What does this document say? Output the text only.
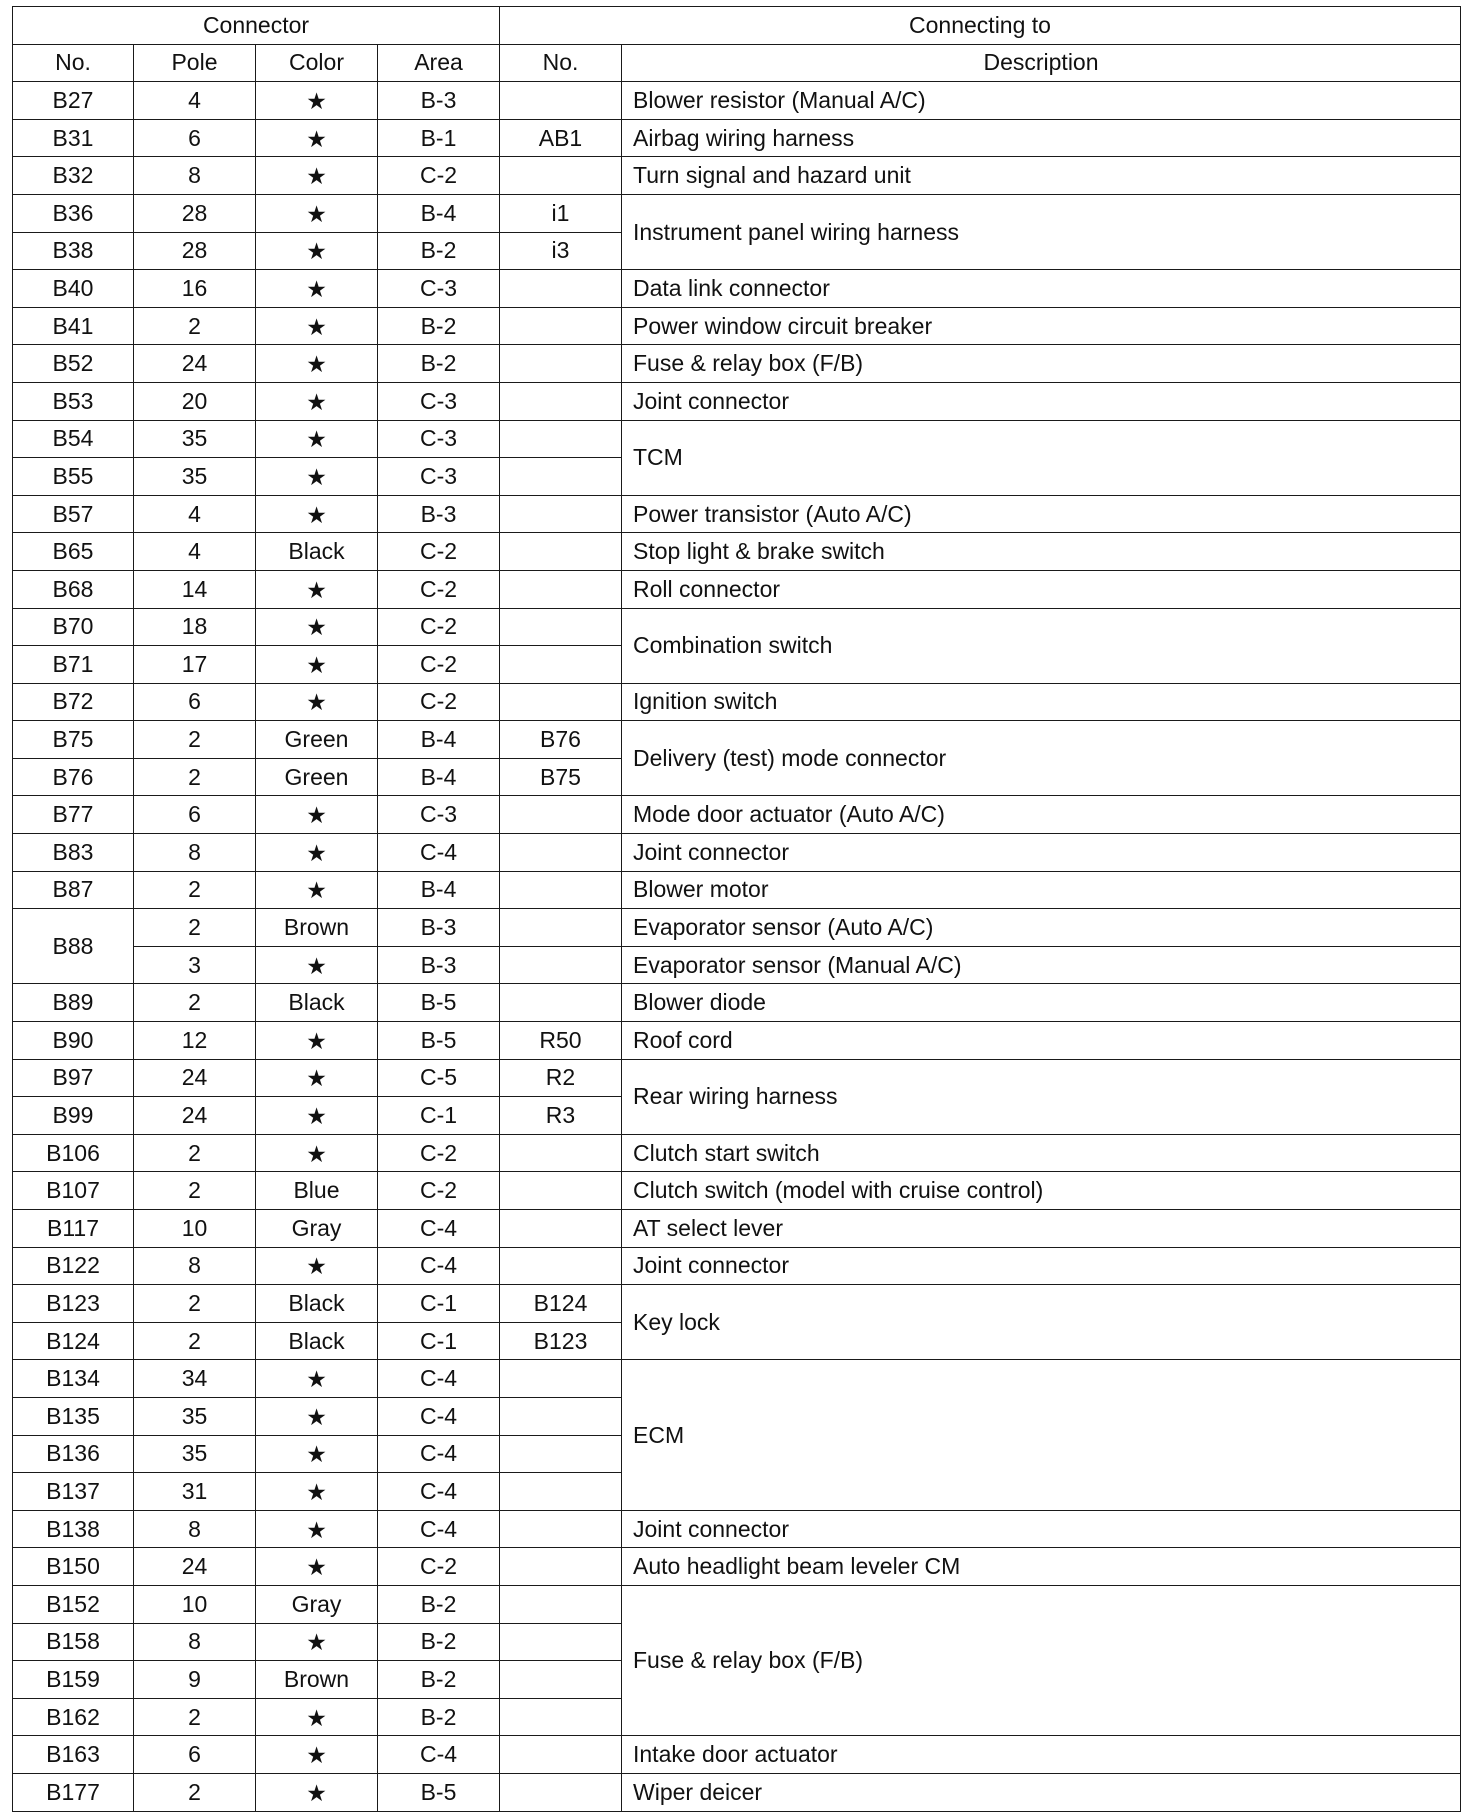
Connector				Connecting to	
No.	Pole	Color	Area	No.	Description
B27	4	★	B-3		Blower resistor (Manual A/C)
B31	6	★	B-1	AB1	Airbag wiring harness
B32	8	★	C-2		Turn signal and hazard unit
B36	28	★	B-4	i1	Instrument panel wiring harness
B38	28	★	B-2	i3	
B40	16	★	C-3		Data link connector
B41	2	★	B-2		Power window circuit breaker
B52	24	★	B-2		Fuse & relay box (F/B)
B53	20	★	C-3		Joint connector
B54	35	★	C-3		TCM
B55	35	★	C-3		
B57	4	★	B-3		Power transistor (Auto A/C)
B65	4	Black	C-2		Stop light & brake switch
B68	14	★	C-2		Roll connector
B70	18	★	C-2		Combination switch
B71	17	★	C-2		
B72	6	★	C-2		Ignition switch
B75	2	Green	B-4	B76	Delivery (test) mode connector
B76	2	Green	B-4	B75	
B77	6	★	C-3		Mode door actuator (Auto A/C)
B83	8	★	C-4		Joint connector
B87	2	★	B-4		Blower motor
B88	2	Brown	B-3		Evaporator sensor (Auto A/C)
	3	★	B-3		Evaporator sensor (Manual A/C)
B89	2	Black	B-5		Blower diode
B90	12	★	B-5	R50	Roof cord
B97	24	★	C-5	R2	Rear wiring harness
B99	24	★	C-1	R3	
B106	2	★	C-2		Clutch start switch
B107	2	Blue	C-2		Clutch switch (model with cruise control)
B117	10	Gray	C-4		AT select lever
B122	8	★	C-4		Joint connector
B123	2	Black	C-1	B124	Key lock
B124	2	Black	C-1	B123	
B134	34	★	C-4		ECM
B135	35	★	C-4		
B136	35	★	C-4		
B137	31	★	C-4		
B138	8	★	C-4		Joint connector
B150	24	★	C-2		Auto headlight beam leveler CM
B152	10	Gray	B-2		Fuse & relay box (F/B)
B158	8	★	B-2		
B159	9	Brown	B-2		
B162	2	★	B-2		
B163	6	★	C-4		Intake door actuator
B177	2	★	B-5		Wiper deicer
